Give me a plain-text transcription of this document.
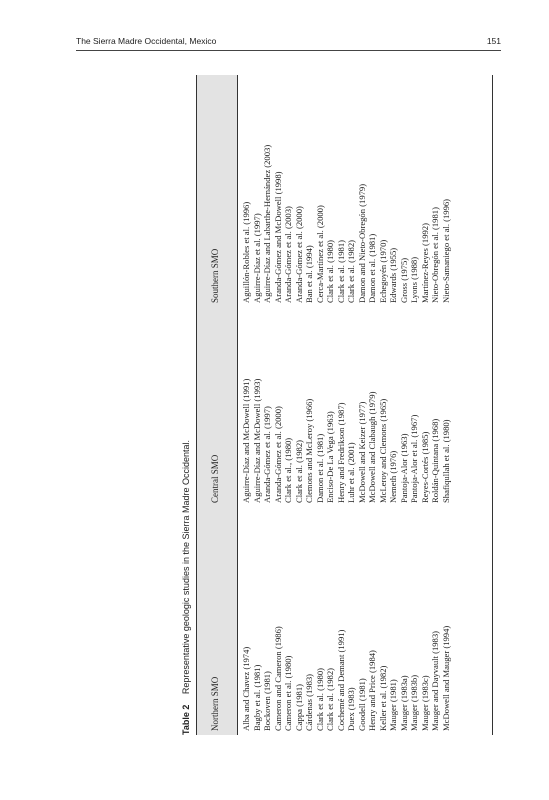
The Sierra Madre Occidental, Mexico	151
Table 2 Representative geologic studies in the Sierra Madre Occidental.
Northern SMO
Central SMO
Southern SMO
Alba and Chavez (1974) Bagby et al. (1981) Bockoven (1981) Cameron and Cameron (1986) Cameron et al. (1980) Cappa (1981) Cárdenas (1983) Clark et al. (1980) Clark et al. (1982) Cochemé and Demant (1991) Duex (1983) Goodell (1981) Henry and Price (1984) Keller et al. (1982) Mauger (1981) Mauger (1983a) Mauger (1983b) Mauger (1983c) Mauger and Dayvault (1983) McDowell and Mauger (1994)
Aguirre-Díaz and McDowell (1991) Aguirre-Díaz and McDowell (1993) Aranda-Gómez et al. (1997) Aranda-Gómez et al. (2000) Clark et al., (1980) Clark et al. (1982) Clemons and McLeroy (1966) Damon et al. (1981) Enciso-De La Vega (1963) Henry and Fredrikson (1987) Luhr et al. (2001) McDowell and Keizer (1977) McDowell and Clabaugh (1979) McLeroy and Clemons (1965) Nemeth (1976) Pantoja-Alor (1963) Pantoja-Alor et al. (1967) Reyes-Cortés (1985) Roldán-Quintana (1968) Shafiqullah et al. (1980)
Aguillón-Robles et al. (1996) Aguirre-Díaz et al. (1997) Aguirre-Díaz and Labarthe-Hernández (2003) Aranda-Gómez and McDowell (1998) Aranda-Gómez et al. (2003) Aranda-Gómez et al. (2000) Ban et al. (1994) Cerca-Martínez et al. (2000) Clark et al. (1980) Clark et al. (1981) Clark et al. (1982) Damon and Nieto-Obregón (1979) Damon et al. (1981) Echegoyén (1970) Edwards (1955) Gross (1975) Lyons (1988) Martínez-Reyes (1992) Nieto-Obregón et al. (1981) Nieto-Samaniego et al. (1996)
